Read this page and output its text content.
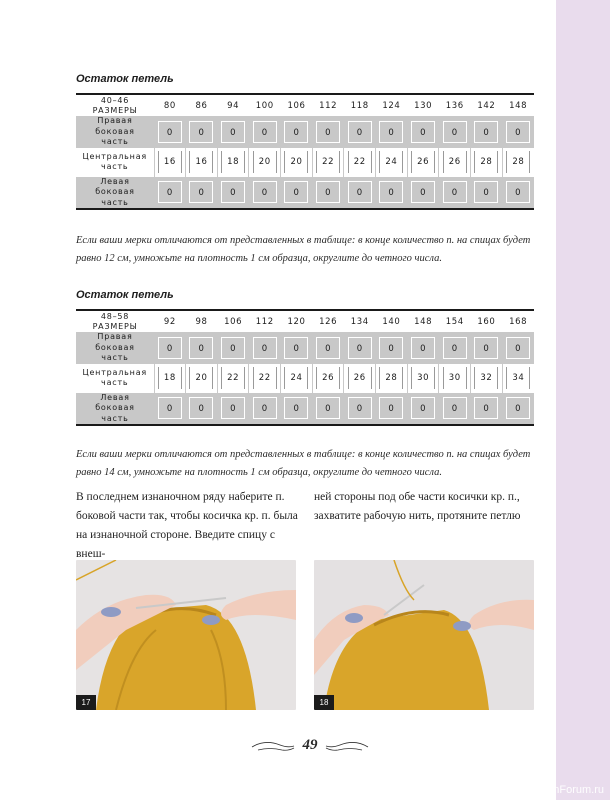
Остаток петель
40–46
РАЗМЕРЫ	80	86	94	100	106	112	118	124	130	136	142	148

Правая
боковая
часть	0	0	0	0	0	0	0	0	0	0	0	0

Центральная
часть	16	16	18	20	20	22	22	24	26	26	28	28

Левая
боковая
часть	0	0	0	0	0	0	0	0	0	0	0	0
Если ваши мерки отличаются от представленных в таблице: в конце количество п. на спицах будет равно 12 см, умножьте на плотность 1 см образца, округлите до четного числа.
Остаток петель
48–58
РАЗМЕРЫ	92	98	106	112	120	126	134	140	148	154	160	168

Правая
боковая
часть	0	0	0	0	0	0	0	0	0	0	0	0

Центральная
часть	18	20	22	22	24	26	26	28	30	30	32	34

Левая
боковая
часть	0	0	0	0	0	0	0	0	0	0	0	0
Если ваши мерки отличаются от представленных в таблице: в конце количество п. на спицах будет равно 14 см, умножьте на плотность 1 см образца, округлите до четного числа.
В последнем изнаночном ряду наберите п.
боковой части так, чтобы косичка кр. п. была
на изнаночной стороне. Введите спицу с внеш-
ней стороны под обе части косички кр. п.,
захватите рабочую нить, протяните петлю
17	18
49
PassionForum.ru
